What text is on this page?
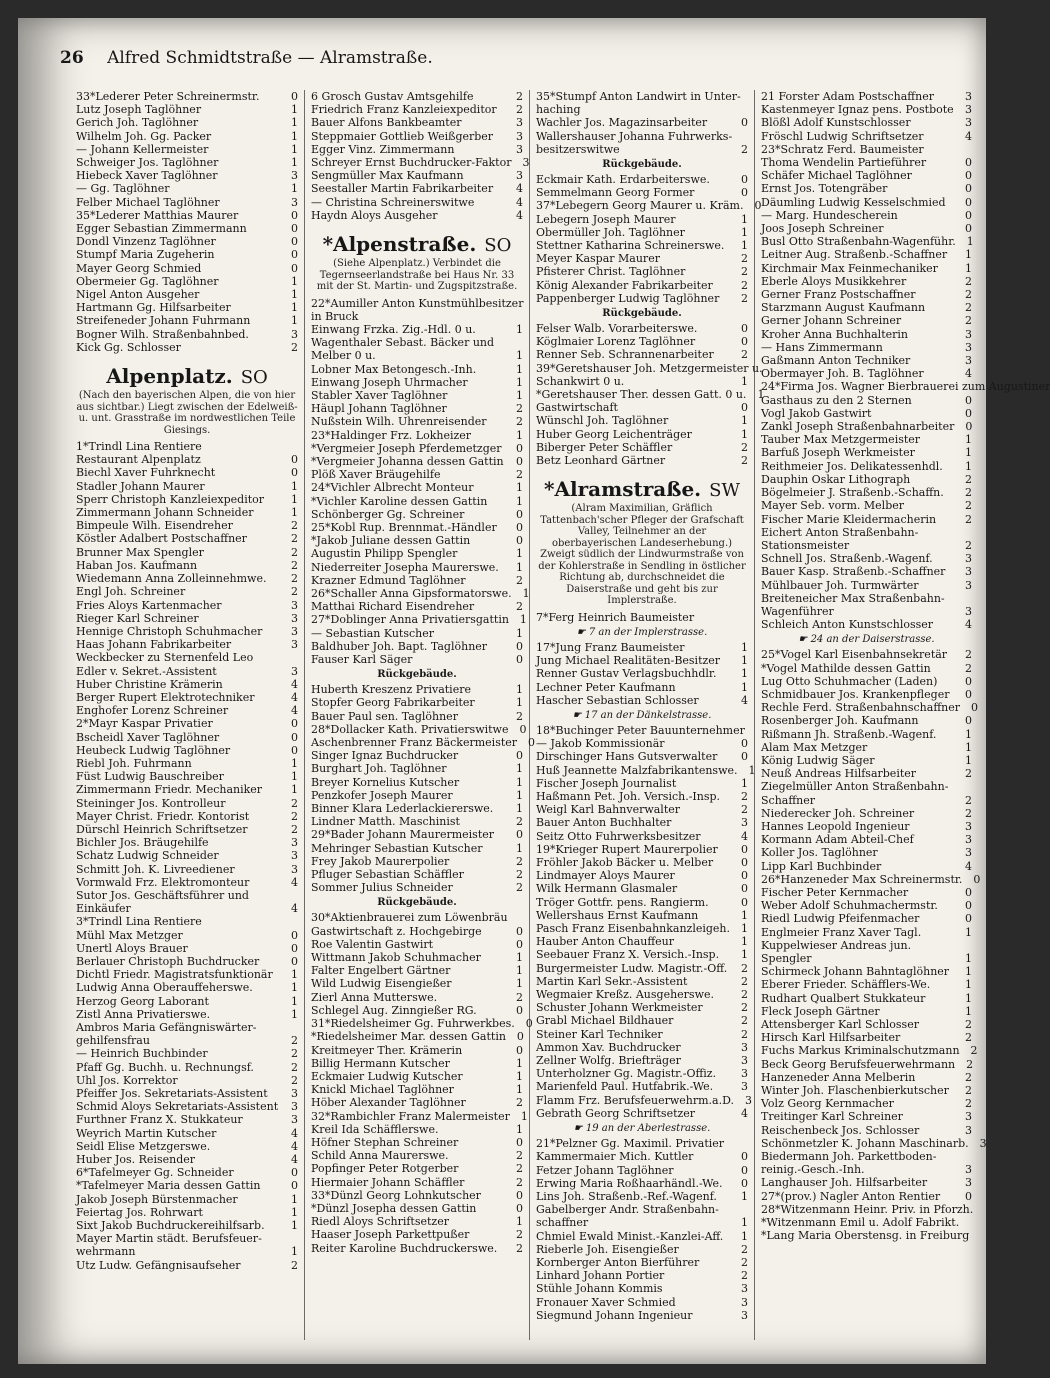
26 Alfred Schmidtstraße — Alramstraße.
33*Lederer Peter Schreinermstr.	0
Lutz Joseph Taglöhner	1
Gerich Joh. Taglöhner	1
Wilhelm Joh. Gg. Packer	1
— Johann Kellermeister	1
Schweiger Jos. Taglöhner	1
Hiebeck Xaver Taglöhner	3
— Gg. Taglöhner	1
Felber Michael Taglöhner	3
35*Lederer Matthias Maurer	0
Egger Sebastian Zimmermann	0
Dondl Vinzenz Taglöhner	0
Stumpf Maria Zugeherin	0
Mayer Georg Schmied	0
Obermeier Gg. Taglöhner	1
Nigel Anton Ausgeher	1
Hartmann Gg. Hilfsarbeiter	1
Streifeneder Johann Fuhrmann	1
Bogner Wilh. Straßenbahnbed.	3
Kick Gg. Schlosser	2
Alpenplatz. SO
(Nach den bayerischen Alpen, die von hier aus sichtbar.) Liegt zwischen der Edelweiß- u. unt. Grasstraße im nordwestlichen Teile Giesings.
1*Trindl Lina Rentiere
Restaurant Alpenplatz	0
Biechl Xaver Fuhrknecht	0
Stadler Johann Maurer	1
Sperr Christoph Kanzleiexpeditor	1
Zimmermann Johann Schneider	1
Bimpeule Wilh. Eisendreher	2
Köstler Adalbert Postschaffner	2
Brunner Max Spengler	2
Haban Jos. Kaufmann	2
Wiedemann Anna Zolleinnehmwe.	2
Engl Joh. Schreiner	2
Fries Aloys Kartenmacher	3
Rieger Karl Schreiner	3
Hennige Christoph Schuhmacher	3
Haas Johann Fabrikarbeiter	3
Weckbecker zu Sternenfeld Leo
Edler v. Sekret.-Assistent	3
Huber Christine Krämerin	4
Berger Rupert Elektrotechniker	4
Enghofer Lorenz Schreiner	4
2*Mayr Kaspar Privatier	0
Bscheidl Xaver Taglöhner	0
Heubeck Ludwig Taglöhner	0
Riebl Joh. Fuhrmann	1
Füst Ludwig Bauschreiber	1
Zimmermann Friedr. Mechaniker	1
Steininger Jos. Kontrolleur	2
Mayer Christ. Friedr. Kontorist	2
Dürschl Heinrich Schriftsetzer	2
Bichler Jos. Bräugehilfe	3
Schatz Ludwig Schneider	3
Schmitt Joh. K. Livreediener	3
Vormwald Frz. Elektromonteur	4
Sutor Jos. Geschäftsführer und
Einkäufer	4
3*Trindl Lina Rentiere
Mühl Max Metzger	0
Unertl Aloys Brauer	0
Berlauer Christoph Buchdrucker	0
Dichtl Friedr. Magistratsfunktionär	1
Ludwig Anna Oberauffeherswe.	1
Herzog Georg Laborant	1
Zistl Anna Privatierswe.	1
Ambros Maria Gefängniswärter-
gehilfensfrau	2
— Heinrich Buchbinder	2
Pfaff Gg. Buchh. u. Rechnungsf.	2
Uhl Jos. Korrektor	2
Pfeiffer Jos. Sekretariats-Assistent	3
Schmid Aloys Sekretariats-Assistent	3
Furthner Franz X. Stukkateur	3
Weyrich Martin Kutscher	4
Seidl Elise Metzgerswe.	4
Huber Jos. Reisender	4
6*Tafelmeyer Gg. Schneider	0
*Tafelmeyer Maria dessen Gattin	0
Jakob Joseph Bürstenmacher	1
Feiertag Jos. Rohrwart	1
Sixt Jakob Buchdruckereihilfsarb.	1
Mayer Martin städt. Berufsfeuer-
wehrmann	1
Utz Ludw. Gefängnisaufseher	2
6 Grosch Gustav Amtsgehilfe	2
Friedrich Franz Kanzleiexpeditor	2
Bauer Alfons Bankbeamter	3
Steppmaier Gottlieb Weißgerber	3
Egger Vinz. Zimmermann	3
Schreyer Ernst Buchdrucker-Faktor	3
Sengmüller Max Kaufmann	3
Seestaller Martin Fabrikarbeiter	4
— Christina Schreinerswitwe	4
Haydn Aloys Ausgeher	4
*Alpenstraße. SO
(Siehe Alpenplatz.) Verbindet die Tegernseerlandstraße bei Haus Nr. 33 mit der St. Martin- und Zugspitzstraße.
22*Aumiller Anton Kunstmühlbesitzer
in Bruck
Einwang Frzka. Zig.-Hdl. 0 u.	1
Wagenthaler Sebast. Bäcker und
Melber 0 u.	1
Lobner Max Betongesch.-Inh.	1
Einwang Joseph Uhrmacher	1
Stabler Xaver Taglöhner	1
Häupl Johann Taglöhner	2
Nußstein Wilh. Uhrenreisender	2
23*Haldinger Frz. Lokheizer	1
*Vergmeier Joseph Pferdemetzger	0
*Vergmeier Johanna dessen Gattin	0
Plöß Xaver Bräugehilfe	2
24*Vichler Albrecht Monteur	1
*Vichler Karoline dessen Gattin	1
Schönberger Gg. Schreiner	0
25*Kobl Rup. Brennmat.-Händler	0
*Jakob Juliane dessen Gattin	0
Augustin Philipp Spengler	1
Niederreiter Josepha Maurerswe.	1
Krazner Edmund Taglöhner	2
26*Schaller Anna Gipsformatorswe.	1
Matthai Richard Eisendreher	2
27*Doblinger Anna Privatiersgattin	1
— Sebastian Kutscher	1
Baldhuber Joh. Bapt. Taglöhner	0
Fauser Karl Säger	0
Rückgebäude.
Huberth Kreszenz Privatiere	1
Stopfer Georg Fabrikarbeiter	1
Bauer Paul sen. Taglöhner	2
28*Dollacker Kath. Privatierswitwe	0
Aschenbrenner Franz Bäckermeister	0
Singer Ignaz Buchdrucker	0
Burghart Joh. Taglöhner	1
Breyer Kornelius Kutscher	1
Penzkofer Joseph Maurer	1
Binner Klara Lederlackiererswe.	1
Lindner Matth. Maschinist	2
29*Bader Johann Maurermeister	0
Mehringer Sebastian Kutscher	1
Frey Jakob Maurerpolier	2
Pfluger Sebastian Schäffler	2
Sommer Julius Schneider	2
Rückgebäude.
30*Aktienbrauerei zum Löwenbräu
Gastwirtschaft z. Hochgebirge	0
Roe Valentin Gastwirt	0
Wittmann Jakob Schuhmacher	1
Falter Engelbert Gärtner	1
Wild Ludwig Eisengießer	1
Zierl Anna Mutterswe.	2
Schlegel Aug. Zinngießer RG.	0
31*Riedelsheimer Gg. Fuhrwerkbes.	0
*Riedelsheimer Mar. dessen Gattin	0
Kreitmeyer Ther. Krämerin	0
Billig Hermann Kutscher	1
Eckmaier Ludwig Kutscher	1
Knickl Michael Taglöhner	1
Höber Alexander Taglöhner	2
32*Rambichler Franz Malermeister	1
Kreil Ida Schäfflerswe.	1
Höfner Stephan Schreiner	0
Schild Anna Maurerswe.	2
Popfinger Peter Rotgerber	2
Hiermaier Johann Schäffler	2
33*Dünzl Georg Lohnkutscher	0
*Dünzl Josepha dessen Gattin	0
Riedl Aloys Schriftsetzer	1
Haaser Joseph Parkettpußer	2
Reiter Karoline Buchdruckerswe.	2
35*Stumpf Anton Landwirt in Unter-
haching
Wachler Jos. Magazinsarbeiter	0
Wallershauser Johanna Fuhrwerks-
besitzerswitwe	2
Rückgebäude.
Eckmair Kath. Erdarbeiterswe.	0
Semmelmann Georg Former	0
37*Lebegern Georg Maurer u. Kräm.	0
Lebegern Joseph Maurer	1
Obermüller Joh. Taglöhner	1
Stettner Katharina Schreinerswe.	1
Meyer Kaspar Maurer	2
Pfisterer Christ. Taglöhner	2
König Alexander Fabrikarbeiter	2
Pappenberger Ludwig Taglöhner	2
Rückgebäude.
Felser Walb. Vorarbeiterswe.	0
Köglmaier Lorenz Taglöhner	0
Renner Seb. Schrannenarbeiter	2
39*Geretshauser Joh. Metzgermeister u.
Schankwirt 0 u.	1
*Geretshauser Ther. dessen Gatt. 0 u.	1
Gastwirtschaft	0
Wünschl Joh. Taglöhner	1
Huber Georg Leichenträger	1
Biberger Peter Schäffler	2
Betz Leonhard Gärtner	2
*Alramstraße. SW
(Alram Maximilian, Gräflich Tattenbach'scher Pfleger der Grafschaft Valley, Teilnehmer an der oberbayerischen Landeserhebung.) Zweigt südlich der Lindwurmstraße von der Kohlerstraße in Sendling in östlicher Richtung ab, durchschneidet die Daiserstraße und geht bis zur Implerstraße.
7*Ferg Heinrich Baumeister
☛ 7 an der Implerstrasse.
17*Jung Franz Baumeister	1
Jung Michael Realitäten-Besitzer	1
Renner Gustav Verlagsbuchhdlr.	1
Lechner Peter Kaufmann	1
Hascher Sebastian Schlosser	4
☛ 17 an der Dänkelstrasse.
18*Buchinger Peter Bauunternehmer
— Jakob Kommissionär	0
Dirschinger Hans Gutsverwalter	0
Huß Jeannette Malzfabrikantenswe.	1
Fischer Joseph Journalist	1
Haßmann Pet. Joh. Versich.-Insp.	2
Weigl Karl Bahnverwalter	2
Bauer Anton Buchhalter	3
Seitz Otto Fuhrwerksbesitzer	4
19*Krieger Rupert Maurerpolier	0
Fröhler Jakob Bäcker u. Melber	0
Lindmayer Aloys Maurer	0
Wilk Hermann Glasmaler	0
Tröger Gottfr. pens. Rangierm.	0
Wellershaus Ernst Kaufmann	1
Pasch Franz Eisenbahnkanzleigeh.	1
Hauber Anton Chauffeur	1
Seebauer Franz X. Versich.-Insp.	1
Burgermeister Ludw. Magistr.-Off.	2
Martin Karl Sekr.-Assistent	2
Wegmaier Kreßz. Ausgeherswe.	2
Schuster Johann Werkmeister	2
Grabl Michael Bildhauer	2
Steiner Karl Techniker	2
Ammon Xav. Buchdrucker	3
Zellner Wolfg. Briefträger	3
Unterholzner Gg. Magistr.-Offiz.	3
Marienfeld Paul. Hutfabrik.-We.	3
Flamm Frz. Berufsfeuerwehrm.a.D.	3
Gebrath Georg Schriftsetzer	4
☛ 19 an der Aberlestrasse.
21*Pelzner Gg. Maximil. Privatier
Kammermaier Mich. Kuttler	0
Fetzer Johann Taglöhner	0
Erwing Maria Roßhaarhändl.-We.	0
Lins Joh. Straßenb.-Ref.-Wagenf.	1
Gabelberger Andr. Straßenbahn-
schaffner	1
Chmiel Ewald Minist.-Kanzlei-Aff.	1
Rieberle Joh. Eisengießer	2
Kornberger Anton Bierführer	2
Linhard Johann Portier	2
Stühle Johann Kommis	3
Fronauer Xaver Schmied	3
Siegmund Johann Ingenieur	3
21 Forster Adam Postschaffner	3
Kastenmeyer Ignaz pens. Postbote	3
Blößl Adolf Kunstschlosser	3
Fröschl Ludwig Schriftsetzer	4
23*Schratz Ferd. Baumeister
Thoma Wendelin Partieführer	0
Schäfer Michael Taglöhner	0
Ernst Jos. Totengräber	0
Däumling Ludwig Kesselschmied	0
— Marg. Hundescherein	0
Joos Joseph Schreiner	0
Busl Otto Straßenbahn-Wagenführ.	1
Leitner Aug. Straßenb.-Schaffner	1
Kirchmair Max Feinmechaniker	1
Eberle Aloys Musikkehrer	2
Gerner Franz Postschaffner	2
Starzmann August Kaufmann	2
Gerner Johann Schreiner	2
Kroher Anna Buchhalterin	3
— Hans Zimmermann	3
Gaßmann Anton Techniker	3
Obermayer Joh. B. Taglöhner	4
24*Firma Jos. Wagner Bierbrauerei zum Augustiner
Gasthaus zu den 2 Sternen	0
Vogl Jakob Gastwirt	0
Zankl Joseph Straßenbahnarbeiter	0
Tauber Max Metzgermeister	1
Barfuß Joseph Werkmeister	1
Reithmeier Jos. Delikatessenhdl.	1
Dauphin Oskar Lithograph	2
Bögelmeier J. Straßenb.-Schaffn.	2
Mayer Seb. vorm. Melber	2
Fischer Marie Kleidermacherin	2
Eichert Anton Straßenbahn-
Stationsmeister	2
Schnell Jos. Straßenb.-Wagenf.	3
Bauer Kasp. Straßenb.-Schaffner	3
Mühlbauer Joh. Turmwärter	3
Breiteneicher Max Straßenbahn-
Wagenführer	3
Schleich Anton Kunstschlosser	4
☛ 24 an der Daiserstrasse.
25*Vogel Karl Eisenbahnsekretär	2
*Vogel Mathilde dessen Gattin	2
Lug Otto Schuhmacher (Laden)	0
Schmidbauer Jos. Krankenpfleger	0
Rechle Ferd. Straßenbahnschaffner	0
Rosenberger Joh. Kaufmann	0
Rißmann Jh. Straßenb.-Wagenf.	1
Alam Max Metzger	1
König Ludwig Säger	1
Neuß Andreas Hilfsarbeiter	2
Ziegelmüller Anton Straßenbahn-
Schaffner	2
Niederecker Joh. Schreiner	2
Hannes Leopold Ingenieur	3
Kormann Adam Abteil-Chef	3
Koller Jos. Taglöhner	3
Lipp Karl Buchbinder	4
26*Hanzeneder Max Schreinermstr.	0
Fischer Peter Kernmacher	0
Weber Adolf Schuhmachermstr.	0
Riedl Ludwig Pfeifenmacher	0
Englmeier Franz Xaver Tagl.	1
Kuppelwieser Andreas jun.
Spengler	1
Schirmeck Johann Bahntaglöhner	1
Eberer Frieder. Schäfflers-We.	1
Rudhart Qualbert Stukkateur	1
Fleck Joseph Gärtner	1
Attensberger Karl Schlosser	2
Hirsch Karl Hilfsarbeiter	2
Fuchs Markus Kriminalschutzmann	2
Beck Georg Berufsfeuerwehrmann	2
Hanzeneder Anna Melberin	2
Winter Joh. Flaschenbierkutscher	2
Volz Georg Kernmacher	2
Treitinger Karl Schreiner	3
Reischenbeck Jos. Schlosser	3
Schönmetzler K. Johann Maschinarb.	3
Biedermann Joh. Parkettboden-
reinig.-Gesch.-Inh.	3
Langhauser Joh. Hilfsarbeiter	3
27*(prov.) Nagler Anton Rentier	0
28*Witzenmann Heinr. Priv. in Pforzh.
*Witzenmann Emil u. Adolf Fabrikt.
*Lang Maria Oberstensg. in Freiburg
